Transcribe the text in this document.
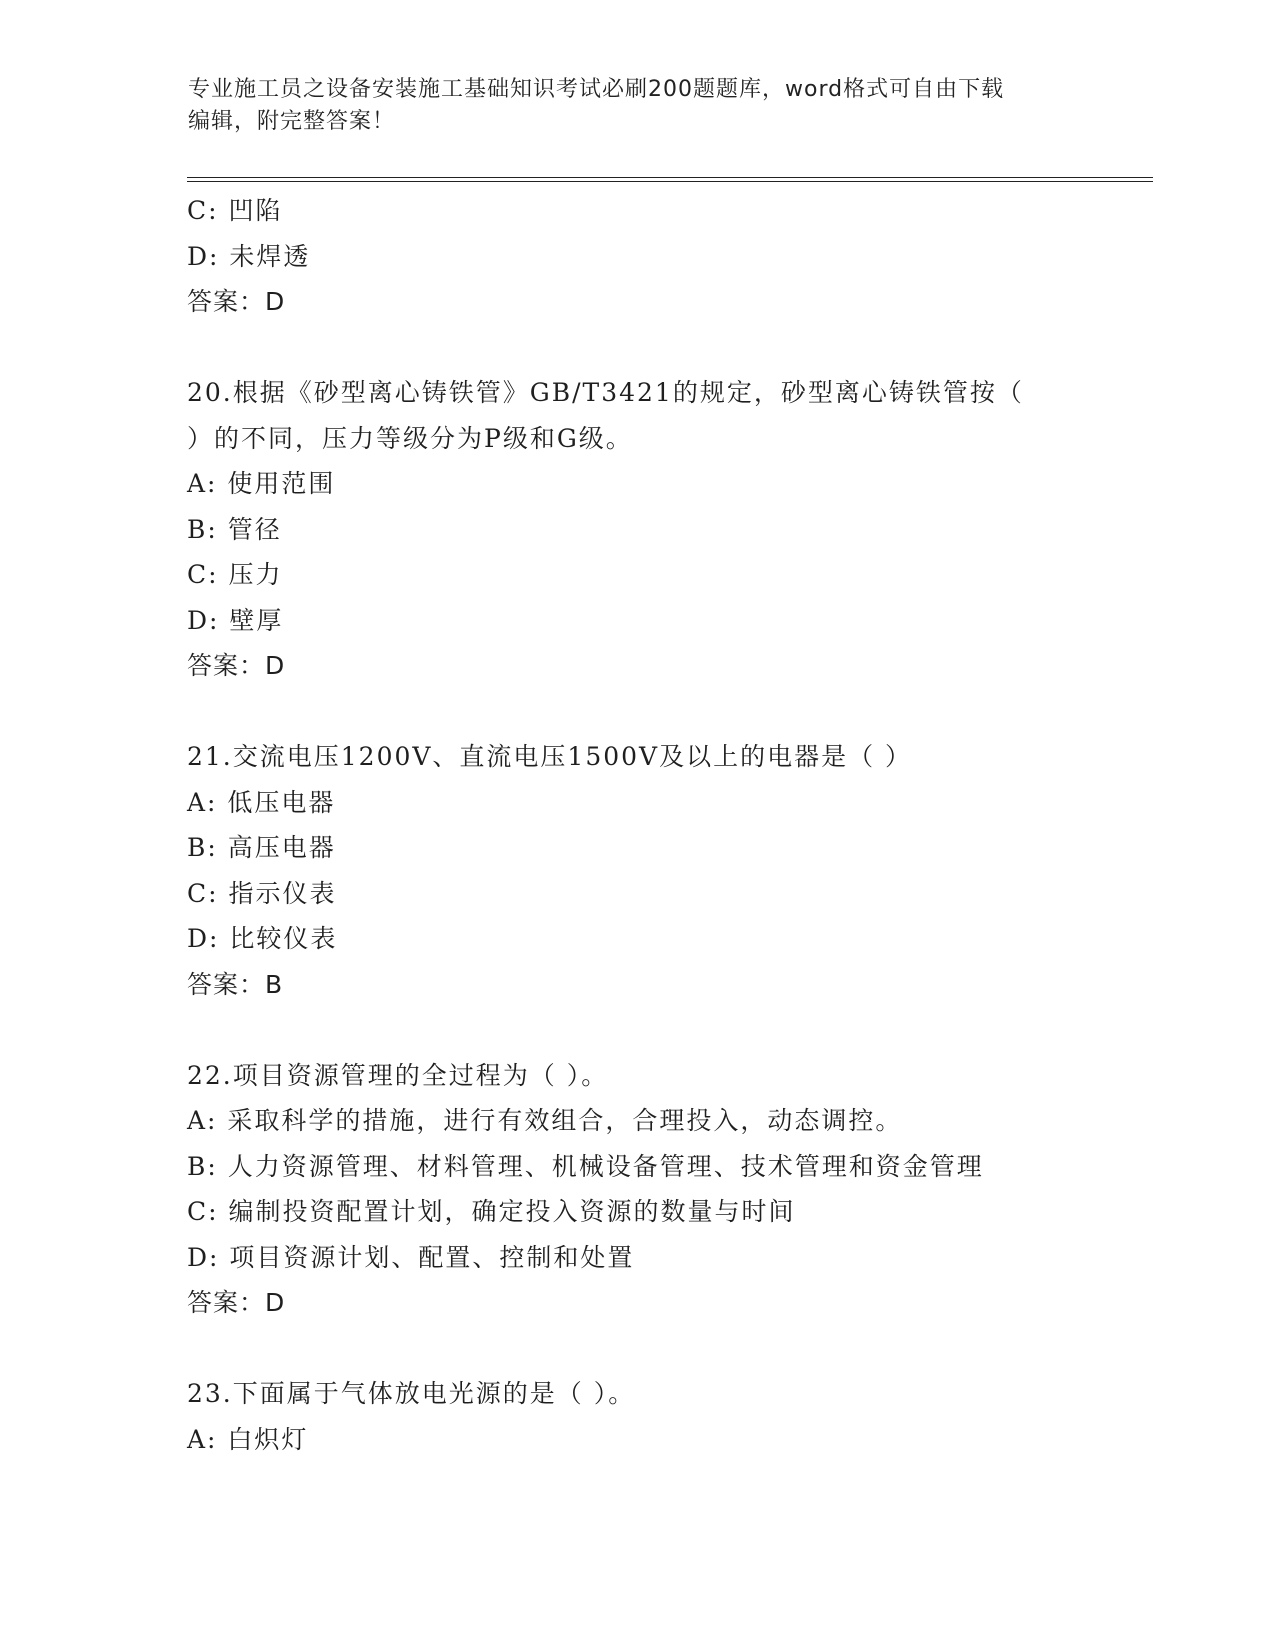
专业施工员之设备安装施工基础知识考试必刷200题题库，word格式可自由下载
编辑，附完整答案！
C: 凹陷
D: 未焊透
答案：D
20.根据《砂型离心铸铁管》GB/T3421的规定，砂型离心铸铁管按（
）的不同，压力等级分为P级和G级。
A: 使用范围
B: 管径
C: 压力
D: 壁厚
答案：D
21.交流电压1200V、直流电压1500V及以上的电器是（ ）
A: 低压电器
B: 高压电器
C: 指示仪表
D: 比较仪表
答案：B
22.项目资源管理的全过程为（ ）。
A: 采取科学的措施，进行有效组合，合理投入，动态调控。
B: 人力资源管理、材料管理、机械设备管理、技术管理和资金管理
C: 编制投资配置计划，确定投入资源的数量与时间
D: 项目资源计划、配置、控制和处置
答案：D
23.下面属于气体放电光源的是（ ）。
A: 白炽灯
